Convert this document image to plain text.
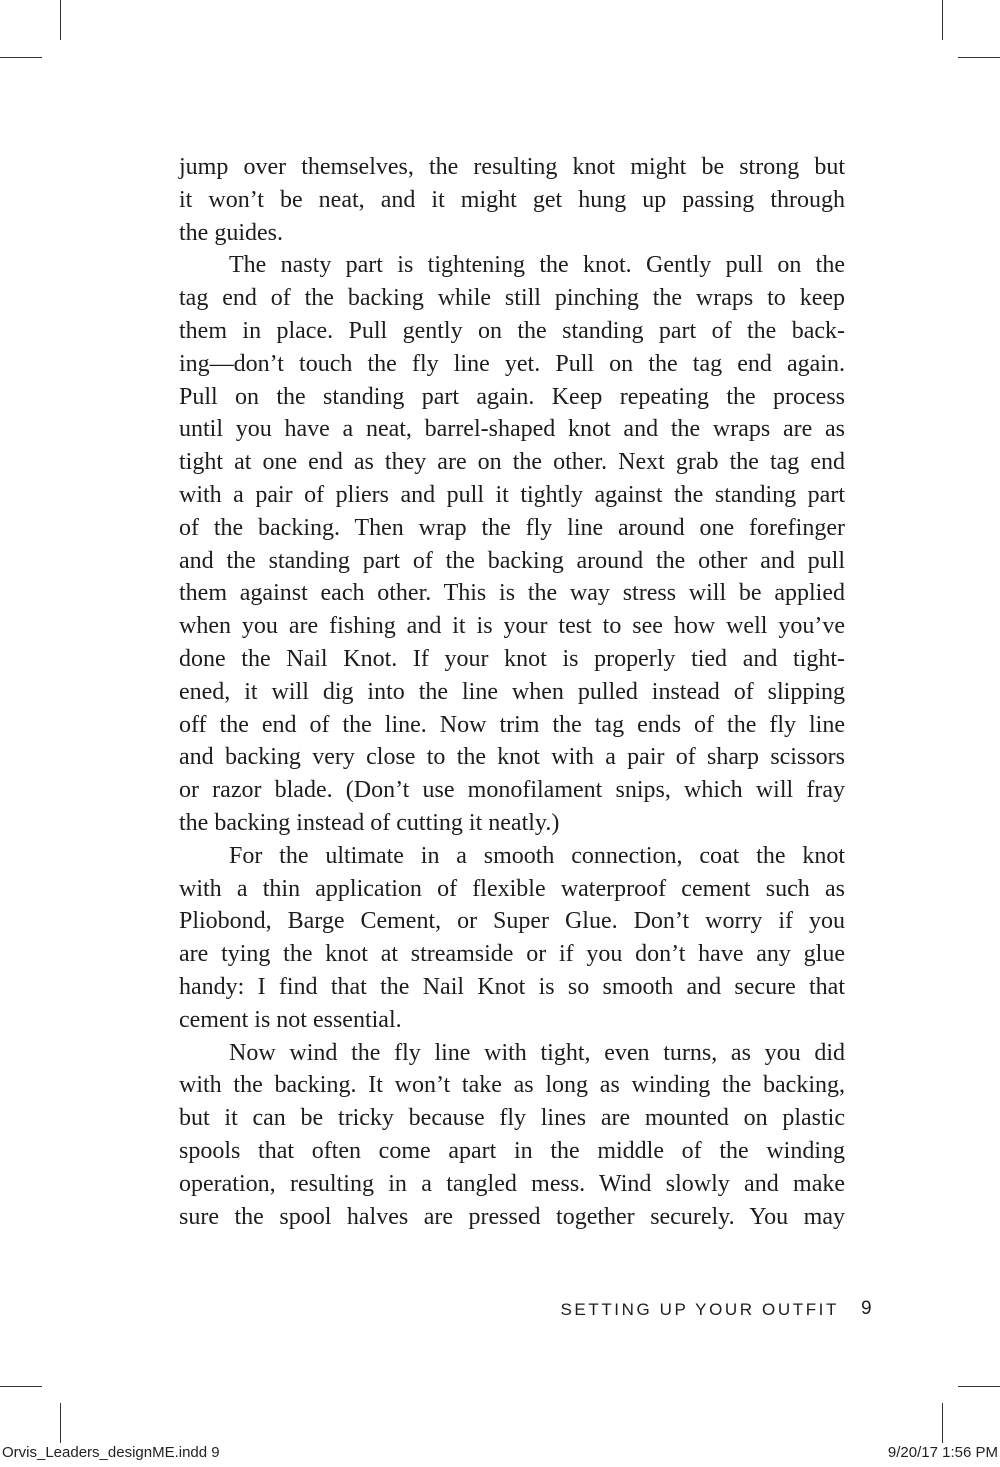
jump over themselves, the resulting knot might be strong but
it won’t be neat, and it might get hung up passing through
the guides.
The nasty part is tightening the knot. Gently pull on the
tag end of the backing while still pinching the wraps to keep
them in place. Pull gently on the standing part of the back-
ing—don’t touch the fly line yet. Pull on the tag end again.
Pull on the standing part again. Keep repeating the process
until you have a neat, barrel-shaped knot and the wraps are as
tight at one end as they are on the other. Next grab the tag end
with a pair of pliers and pull it tightly against the standing part
of the backing. Then wrap the fly line around one forefinger
and the standing part of the backing around the other and pull
them against each other. This is the way stress will be applied
when you are fishing and it is your test to see how well you’ve
done the Nail Knot. If your knot is properly tied and tight-
ened, it will dig into the line when pulled instead of slipping
off the end of the line. Now trim the tag ends of the fly line
and backing very close to the knot with a pair of sharp scissors
or razor blade. (Don’t use monofilament snips, which will fray
the backing instead of cutting it neatly.)
For the ultimate in a smooth connection, coat the knot
with a thin application of flexible waterproof cement such as
Pliobond, Barge Cement, or Super Glue. Don’t worry if you
are tying the knot at streamside or if you don’t have any glue
handy: I find that the Nail Knot is so smooth and secure that
cement is not essential.
Now wind the fly line with tight, even turns, as you did
with the backing. It won’t take as long as winding the backing,
but it can be tricky because fly lines are mounted on plastic
spools that often come apart in the middle of the winding
operation, resulting in a tangled mess. Wind slowly and make
sure the spool halves are pressed together securely. You may
SETTING UP YOUR OUTFIT 9
Orvis_Leaders_designME.indd 9	9/20/17 1:56 PM
